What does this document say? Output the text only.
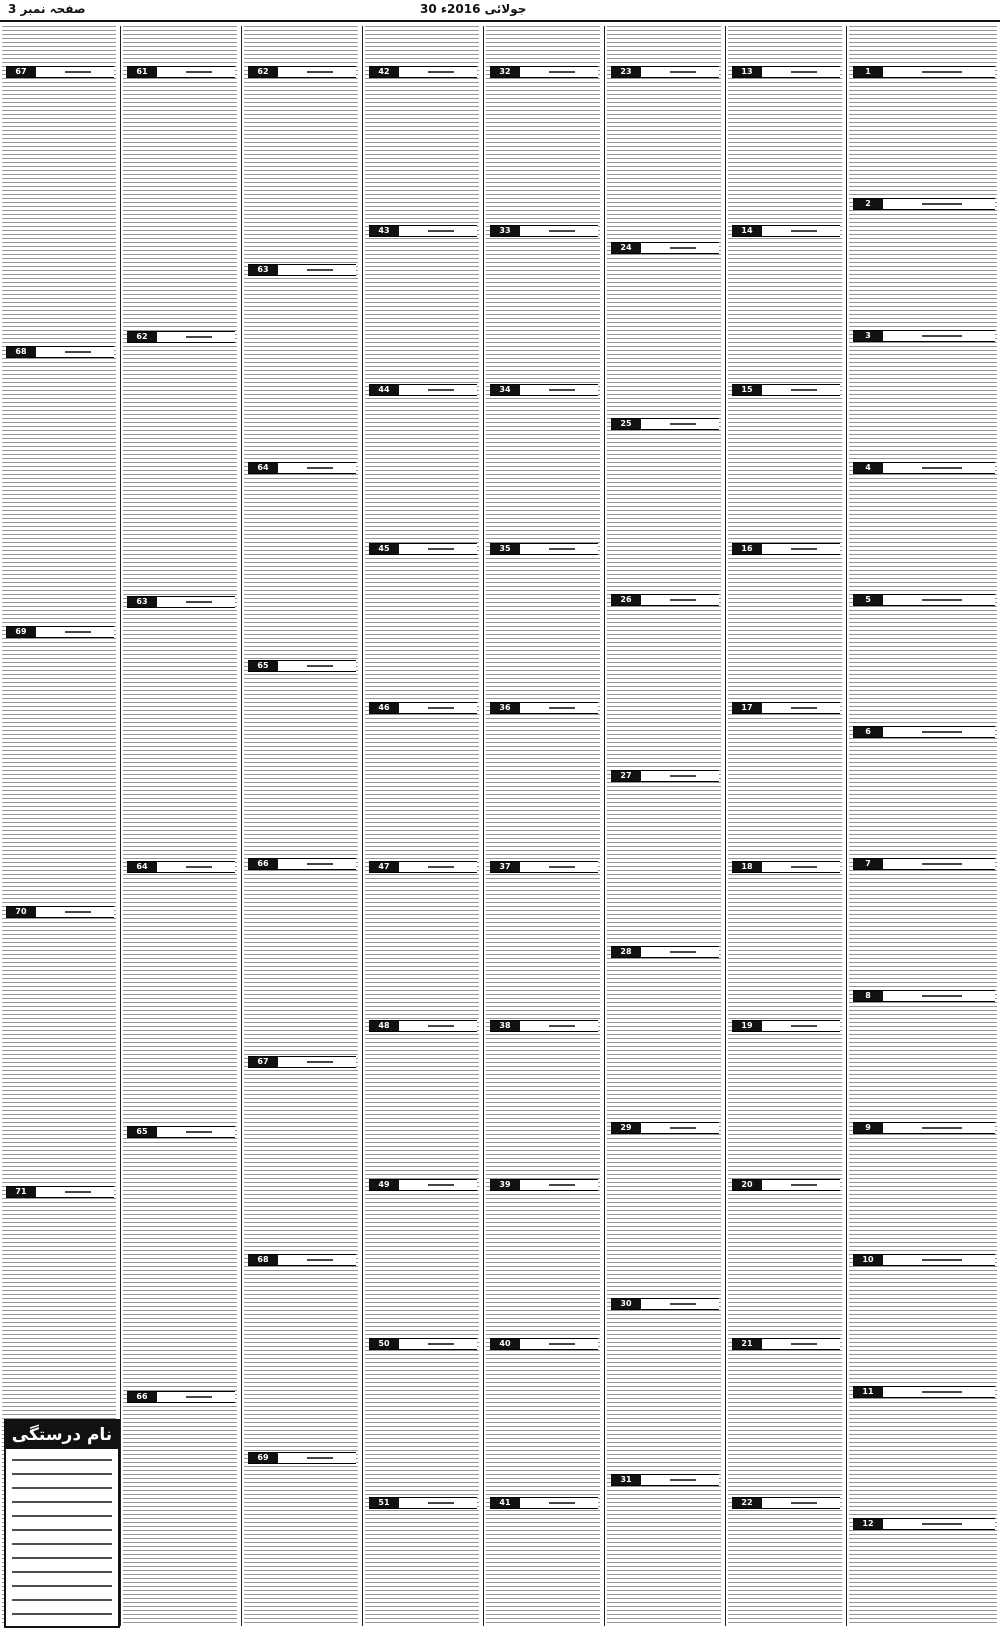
صفحہ نمبر 3	30 جولائی 2016ء
67
68
69
70
71
61
62
63
64
65
66
62
63
64
65
66
67
68
69
42
43
44
45
46
47
48
49
50
51
32
33
34
35
36
37
38
39
40
41
23
24
25
26
27
28
29
30
31
13
14
15
16
17
18
19
20
21
22
1
2
3
4
5
6
7
8
9
10
11
12
نام درستگی
